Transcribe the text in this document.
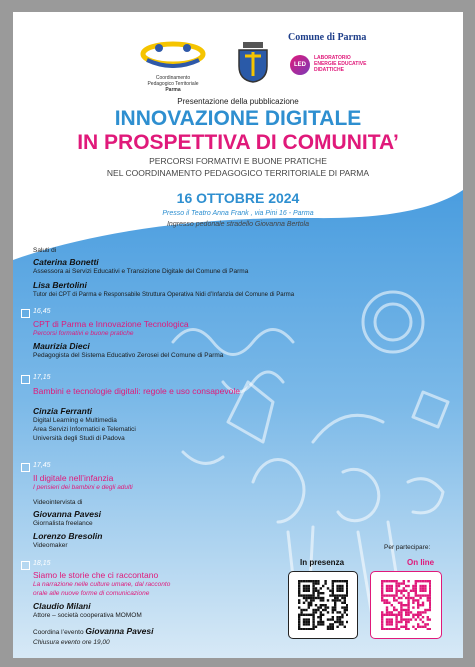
Coordinamento
Pedagogico Territoriale
Parma
Comune di Parma
LED
LABORATORIO
ENERGIE EDUCATIVE
DIDATTICHE
Presentazione della pubblicazione
INNOVAZIONE DIGITALE
IN PROSPETTIVA DI COMUNITA’
PERCORSI FORMATIVI E BUONE PRATICHE
NEL COORDINAMENTO PEDAGOGICO TERRITORIALE DI PARMA
16 OTTOBRE 2024
Presso il Teatro Anna Frank , via Pini 16 - Parma
Ingresso pedonale stradello Giovanna Bertola
16,30
Saluti di
Caterina Bonetti
Assessora ai Servizi Educativi e Transizione Digitale del Comune di Parma
Lisa Bertolini
Tutor dei CPT di Parma e Responsabile Struttura Operativa Nidi d’Infanzia del Comune di Parma
16,45
CPT di Parma e Innovazione Tecnologica
Percorsi formativi e buone pratiche
Maurizia Dieci
Pedagogista del Sistema Educativo Zerosei del Comune di Parma
17,15
Bambini e tecnologie digitali: regole e uso consapevole
Cinzia Ferranti
Digital Learning e Multimedia
Area Servizi Informatici e Telematici
Università degli Studi di Padova
17,45
Il digitale nell’infanzia
I pensieri dei bambini e degli adulti
Videointervista di
Giovanna Pavesi
Giornalista freelance
Lorenzo Bresolin
Videomaker
18,15
Siamo le storie che ci raccontano
La narrazione nelle culture umane, dal racconto
orale alle nuove forme di comunicazione
Claudio Milani
Attore – società cooperativa MOMOM
Coordina l’evento Giovanna Pavesi
Chiusura evento ore 19,00
Per partecipare:
In presenza	On line
